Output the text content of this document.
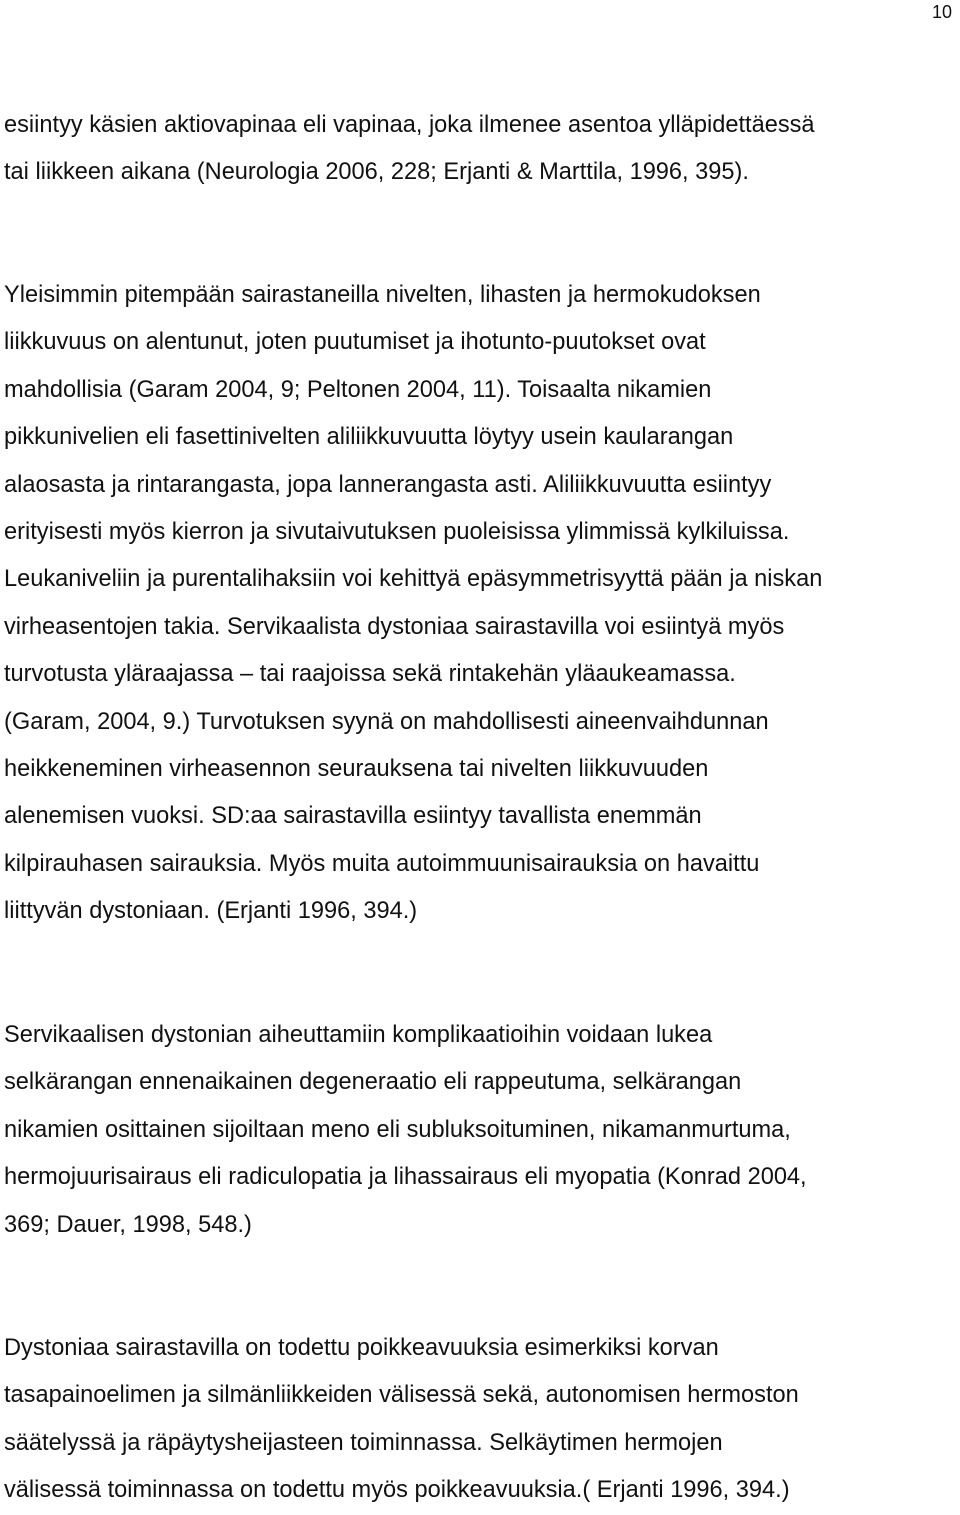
10

esiintyy käsien aktiovapinaa eli vapinaa, joka ilmenee asentoa ylläpidettäessä
tai liikkeen aikana (Neurologia 2006, 228; Erjanti & Marttila, 1996, 395).

Yleisimmin pitempään sairastaneilla nivelten, lihasten ja hermokudoksen
liikkuvuus on alentunut, joten puutumiset ja ihotunto-puutokset ovat
mahdollisia (Garam 2004, 9; Peltonen 2004, 11). Toisaalta nikamien
pikkunivelien eli fasettinivelten aliliikkuvuutta löytyy usein kaularangan
alaosasta ja rintarangasta, jopa lannerangasta asti. Aliliikkuvuutta esiintyy
erityisesti myös kierron ja sivutaivutuksen puoleisissa ylimmissä kylkiluissa.
Leukaniveliin ja purentalihaksiin voi kehittyä epäsymmetrisyyttä pään ja niskan
virheasentojen takia. Servikaalista dystoniaa sairastavilla voi esiintyä myös
turvotusta yläraajassa – tai raajoissa sekä rintakehän yläaukeamassa.
(Garam, 2004, 9.) Turvotuksen syynä on mahdollisesti aineenvaihdunnan
heikkeneminen virheasennon seurauksena tai nivelten liikkuvuuden
alenemisen vuoksi. SD:aa sairastavilla esiintyy tavallista enemmän
kilpirauhasen sairauksia. Myös muita autoimmuunisairauksia on havaittu
liittyvän dystoniaan. (Erjanti 1996, 394.)

Servikaalisen dystonian aiheuttamiin komplikaatioihin voidaan lukea
selkärangan ennenaikainen degeneraatio eli rappeutuma, selkärangan
nikamien osittainen sijoiltaan meno eli subluksoituminen, nikamanmurtuma,
hermojuurisairaus eli radiculopatia ja lihassairaus eli myopatia (Konrad 2004,
369; Dauer, 1998, 548.)

Dystoniaa sairastavilla on todettu poikkeavuuksia esimerkiksi korvan
tasapainoelimen ja silmänliikkeiden välisessä sekä, autonomisen hermoston
säätelyssä ja räpäytysheijasteen toiminnassa. Selkäytimen hermojen
välisessä toiminnassa on todettu myös poikkeavuuksia.( Erjanti 1996, 394.)
